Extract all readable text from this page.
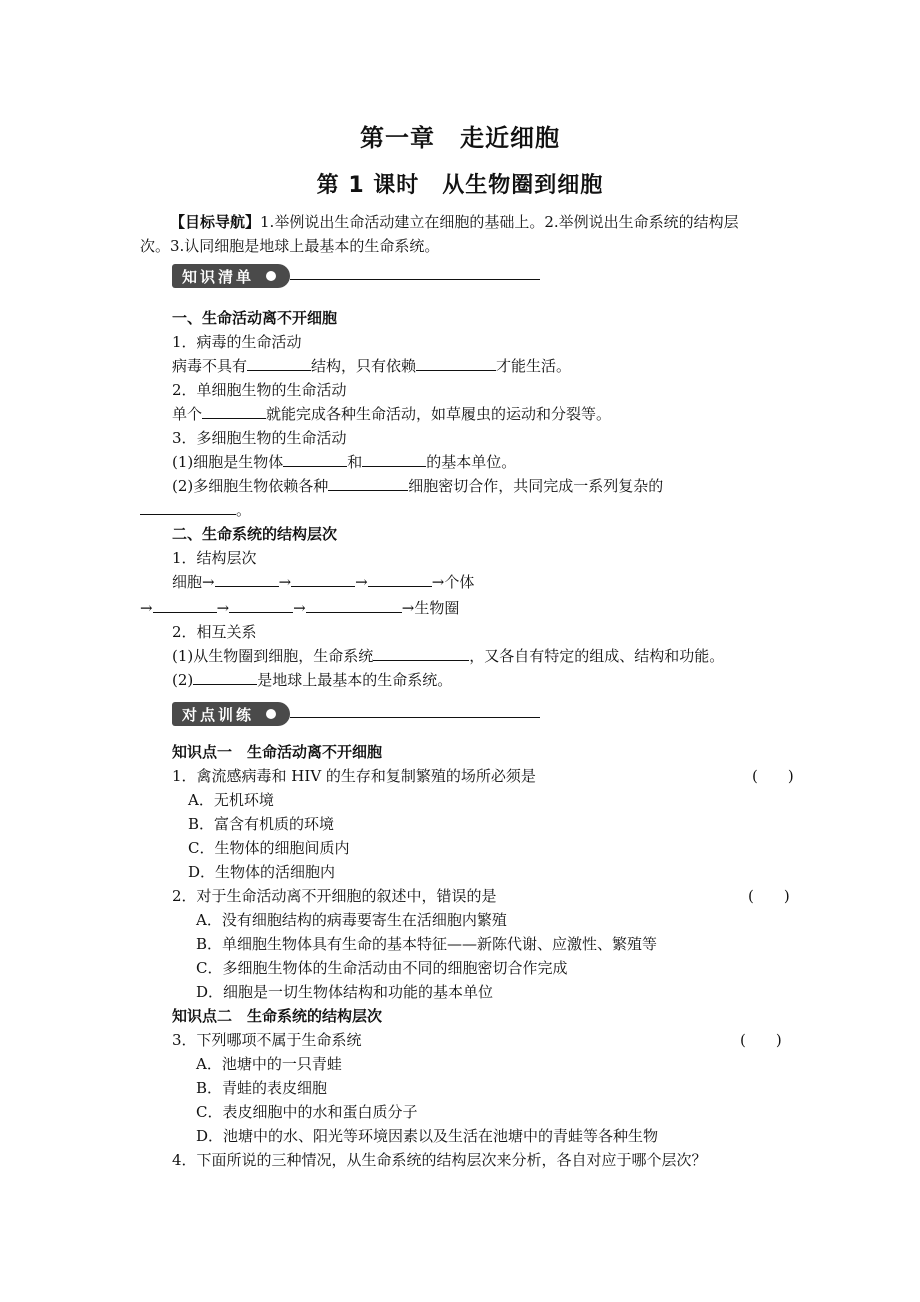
第一章　走近细胞
第 1 课时　从生物圈到细胞
【目标导航】1.举例说出生命活动建立在细胞的基础上。2.举例说出生命系统的结构层
次。3.认同细胞是地球上最基本的生命系统。
知识清单
一、生命活动离不开细胞
1．病毒的生命活动
病毒不具有	结构，只有依赖	才能生活。
2．单细胞生物的生命活动
单个	就能完成各种生命活动，如草履虫的运动和分裂等。
3．多细胞生物的生命活动
(1)细胞是生物体	和	的基本单位。
(2)多细胞生物依赖各种	细胞密切合作，共同完成一系列复杂的
。
二、生命系统的结构层次
1．结构层次
细胞→	→	→	→个体
→	→	→	→生物圈
2．相互关系
(1)从生物圈到细胞，生命系统	，又各自有特定的组成、结构和功能。
(2)	是地球上最基本的生命系统。
对点训练
知识点一　生命活动离不开细胞
1．禽流感病毒和 HIV 的生存和复制繁殖的场所必须是	(　　)
A．无机环境
B．富含有机质的环境
C．生物体的细胞间质内
D．生物体的活细胞内
2．对于生命活动离不开细胞的叙述中，错误的是	(　　)
A．没有细胞结构的病毒要寄生在活细胞内繁殖
B．单细胞生物体具有生命的基本特征——新陈代谢、应激性、繁殖等
C．多细胞生物体的生命活动由不同的细胞密切合作完成
D．细胞是一切生物体结构和功能的基本单位
知识点二　生命系统的结构层次
3．下列哪项不属于生命系统	(　　)
A．池塘中的一只青蛙
B．青蛙的表皮细胞
C．表皮细胞中的水和蛋白质分子
D．池塘中的水、阳光等环境因素以及生活在池塘中的青蛙等各种生物
4．下面所说的三种情况，从生命系统的结构层次来分析，各自对应于哪个层次？
